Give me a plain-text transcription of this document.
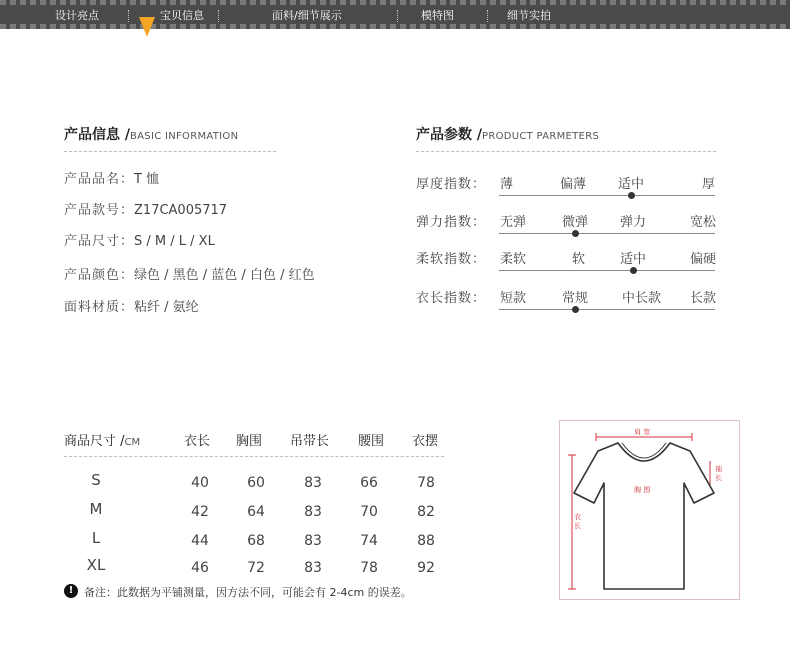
设计亮点	宝贝信息	面料/细节展示	模特图	细节实拍
产品信息 /BASIC INFORMATION
产品品名：T 恤
产品款号：Z17CA005717
产品尺寸：S / M / L / XL
产品颜色：绿色 / 黑色 / 蓝色 / 白色 / 红色
面料材质：粘纤 / 氨纶
产品参数 /PRODUCT PARMETERS
厚度指数： 薄	偏薄 适中	厚
弹力指数： 无弹	微弹 弹力	宽松
柔软指数： 柔软	软	适中	偏硬
衣长指数： 短款	常规	中长款 长款
商品尺寸 /CM	衣长 胸围 吊带长 腰围 衣摆
S	40	60	83	66	78
M	42	64	83	70	82
L	44	68	83	74	88
XL	46	72	83	78	92
! 备注：此数据为平铺测量，因方法不同，可能会有 2-4cm 的误差。
肩 宽
胸 围
袖长
衣长
